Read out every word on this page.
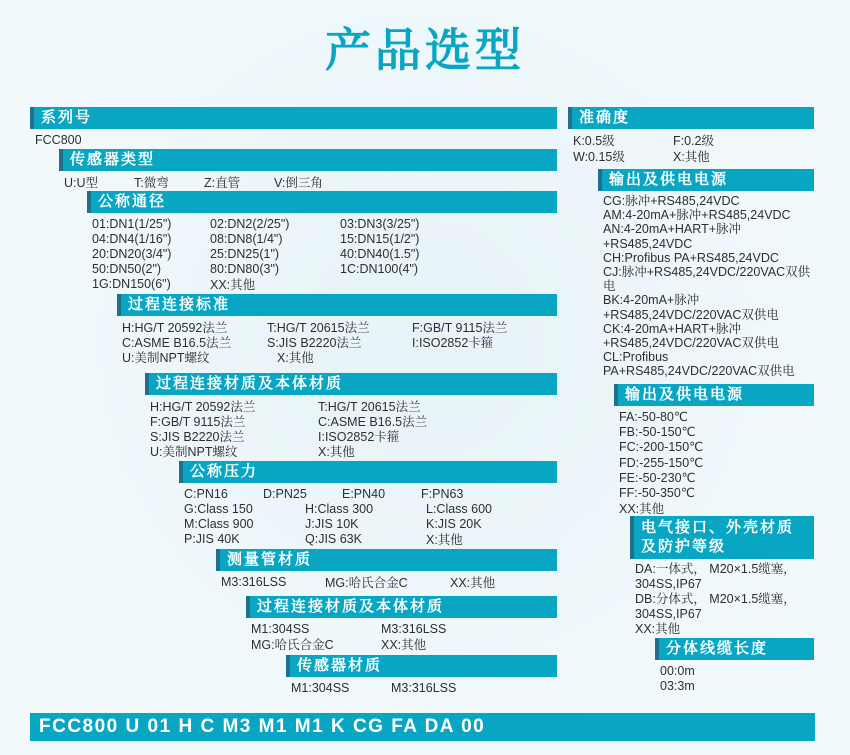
产品选型
系列号
FCC800
传感器类型
U:U型	T:微弯	Z:直管	V:倒三角
公称通径
01:DN1(1/25")	02:DN2(2/25")	03:DN3(3/25")
04:DN4(1/16")	08:DN8(1/4")	15:DN15(1/2")
20:DN20(3/4")	25:DN25(1")	40:DN40(1.5")
50:DN50(2")	80:DN80(3")	1C:DN100(4")
1G:DN150(6")	XX:其他
过程连接标准
H:HG/T 20592法兰	T:HG/T 20615法兰	F:GB/T 9115法兰
C:ASME B16.5法兰	S:JIS B2220法兰	I:ISO2852卡箍
U:美制NPT螺纹	X:其他
过程连接材质及本体材质
H:HG/T 20592法兰	T:HG/T 20615法兰
F:GB/T 9115法兰	C:ASME B16.5法兰
S:JIS B2220法兰	I:ISO2852卡箍
U:美制NPT螺纹	X:其他
公称压力
C:PN16	D:PN25	E:PN40	F:PN63
G:Class 150	H:Class 300	L:Class 600
M:Class 900	J:JIS 10K	K:JIS 20K
P:JIS 40K	Q:JIS 63K	X:其他
测量管材质
M3:316LSS	MG:哈氏合金C	XX:其他
过程连接材质及本体材质
M1:304SS	M3:316LSS
MG:哈氏合金C	XX:其他
传感器材质
M1:304SS	M3:316LSS
准确度
K:0.5级	F:0.2级
W:0.15级	X:其他
输出及供电电源
CG:脉冲+RS485,24VDC
AM:4-20mA+脉冲+RS485,24VDC
AN:4-20mA+HART+脉冲+RS485,24VDC
CH:Profibus PA+RS485,24VDC
CJ:脉冲+RS485,24VDC/220VAC双供电
BK:4-20mA+脉冲+RS485,24VDC/220VAC双供电
CK:4-20mA+HART+脉冲+RS485,24VDC/220VAC双供电
CL:Profibus PA+RS485,24VDC/220VAC双供电
输出及供电电源
FA:-50-80℃
FB:-50-150℃
FC:-200-150℃
FD:-255-150℃
FE:-50-230℃
FF:-50-350℃
XX:其他
电气接口、外壳材质及防护等级
DA:一体式， M20×1.5缆塞，304SS,IP67
DB:分体式， M20×1.5缆塞，304SS,IP67
XX:其他
分体线缆长度
00:0m
03:3m
FCC800 U 01 H C M3 M1 M1 K CG FA DA 00
